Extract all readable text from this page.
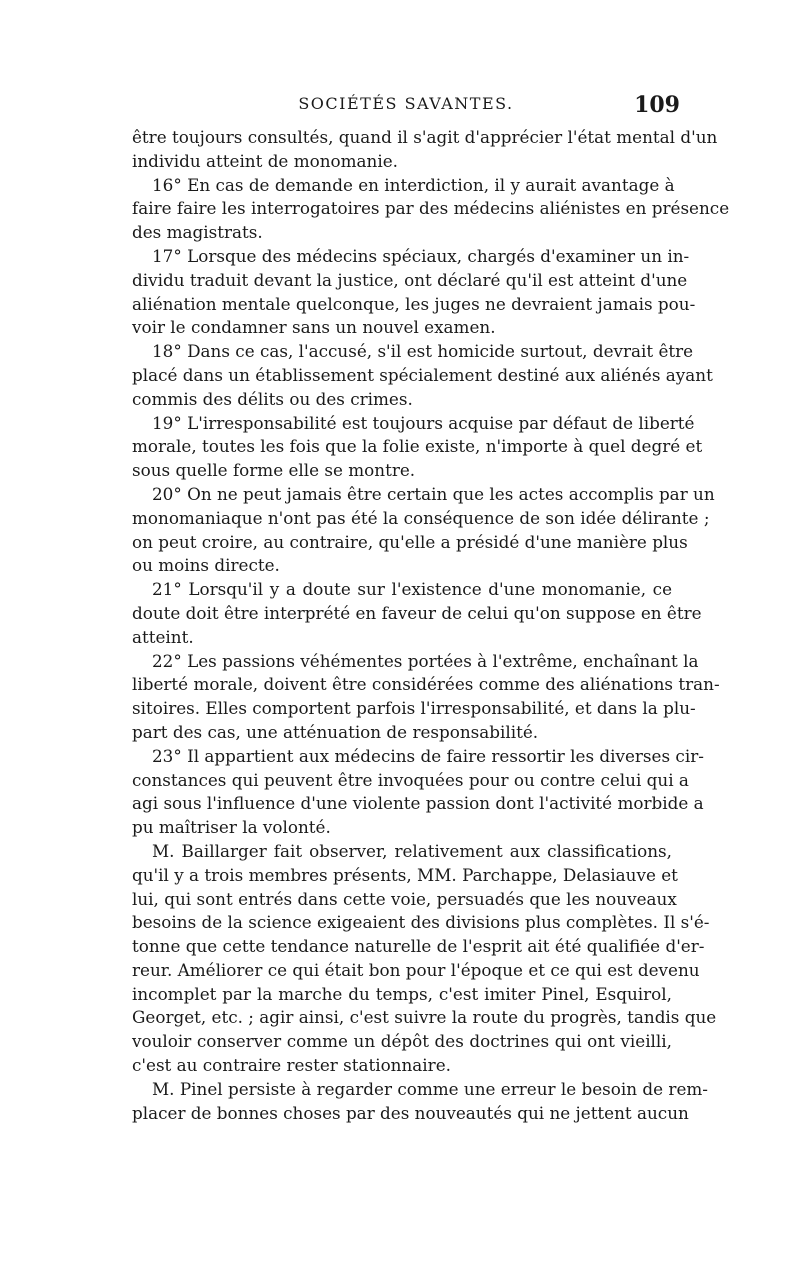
SOCIÉTÉS SAVANTES.	109
être toujours consultés, quand il s'agit d'apprécier l'état mental d'un
individu atteint de monomanie.
16° En cas de demande en interdiction, il y aurait avantage à
faire faire les interrogatoires par des médecins aliénistes en présence
des magistrats.
17° Lorsque des médecins spéciaux, chargés d'examiner un in-
dividu traduit devant la justice, ont déclaré qu'il est atteint d'une
aliénation mentale quelconque, les juges ne devraient jamais pou-
voir le condamner sans un nouvel examen.
18° Dans ce cas, l'accusé, s'il est homicide surtout, devrait être
placé dans un établissement spécialement destiné aux aliénés ayant
commis des délits ou des crimes.
19° L'irresponsabilité est toujours acquise par défaut de liberté
morale, toutes les fois que la folie existe, n'importe à quel degré et
sous quelle forme elle se montre.
20° On ne peut jamais être certain que les actes accomplis par un
monomaniaque n'ont pas été la conséquence de son idée délirante ;
on peut croire, au contraire, qu'elle a présidé d'une manière plus
ou moins directe.
21° Lorsqu'il y a doute sur l'existence d'une monomanie, ce
doute doit être interprété en faveur de celui qu'on suppose en être
atteint.
22° Les passions véhémentes portées à l'extrême, enchaînant la
liberté morale, doivent être considérées comme des aliénations tran-
sitoires. Elles comportent parfois l'irresponsabilité, et dans la plu-
part des cas, une atténuation de responsabilité.
23° Il appartient aux médecins de faire ressortir les diverses cir-
constances qui peuvent être invoquées pour ou contre celui qui a
agi sous l'influence d'une violente passion dont l'activité morbide a
pu maîtriser la volonté.
M. Baillarger fait observer, relativement aux classifications,
qu'il y a trois membres présents, MM. Parchappe, Delasiauve et
lui, qui sont entrés dans cette voie, persuadés que les nouveaux
besoins de la science exigeaient des divisions plus complètes. Il s'é-
tonne que cette tendance naturelle de l'esprit ait été qualifiée d'er-
reur. Améliorer ce qui était bon pour l'époque et ce qui est devenu
incomplet par la marche du temps, c'est imiter Pinel, Esquirol,
Georget, etc. ; agir ainsi, c'est suivre la route du progrès, tandis que
vouloir conserver comme un dépôt des doctrines qui ont vieilli,
c'est au contraire rester stationnaire.
M. Pinel persiste à regarder comme une erreur le besoin de rem-
placer de bonnes choses par des nouveautés qui ne jettent aucun
